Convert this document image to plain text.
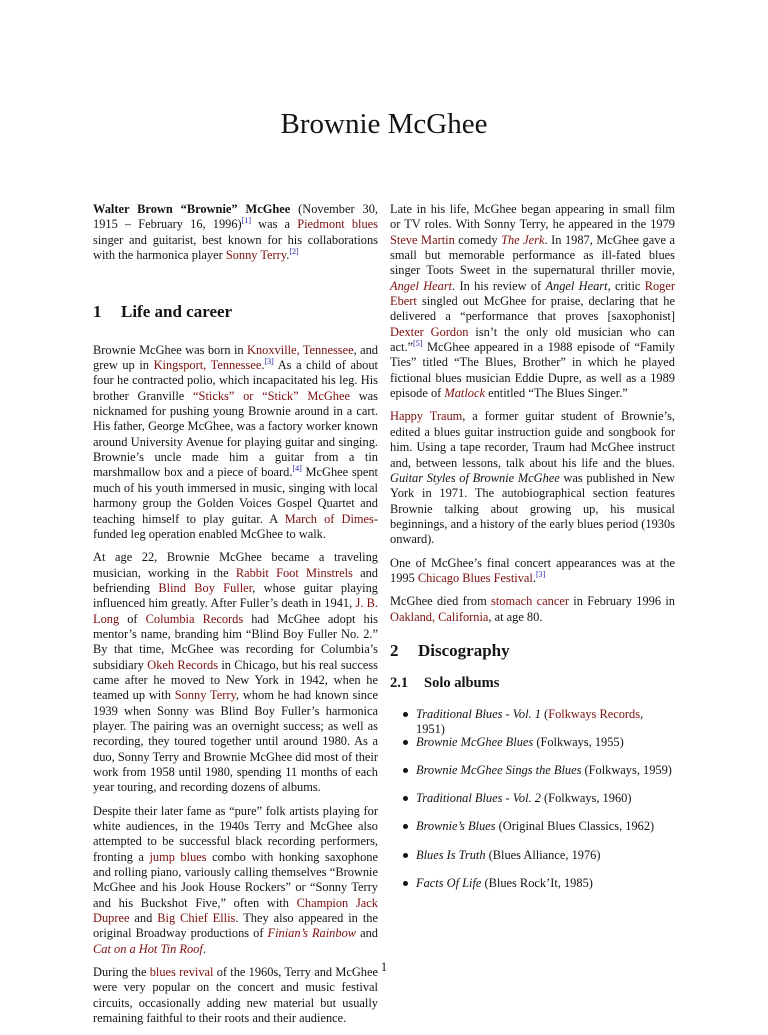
Brownie McGhee

Walter Brown “Brownie” McGhee (November 30, 1915 – February 16, 1996)[1] was a Piedmont blues singer and guitarist, best known for his collaborations with the harmonica player Sonny Terry.[2]

1 Life and career

Brownie McGhee was born in Knoxville, Tennessee, and grew up in Kingsport, Tennessee.[3] As a child of about four he contracted polio, which incapacitated his leg. His brother Granville “Sticks” or “Stick” McGhee was nicknamed for pushing young Brownie around in a cart. His father, George McGhee, was a factory worker known around University Avenue for playing guitar and singing. Brownie’s uncle made him a guitar from a tin marshmallow box and a piece of board.[4] McGhee spent much of his youth immersed in music, singing with local harmony group the Golden Voices Gospel Quartet and teaching himself to play guitar. A March of Dimes-funded leg operation enabled McGhee to walk.

At age 22, Brownie McGhee became a traveling musician, working in the Rabbit Foot Minstrels and befriending Blind Boy Fuller, whose guitar playing influenced him greatly. After Fuller’s death in 1941, J. B. Long of Columbia Records had McGhee adopt his mentor’s name, branding him “Blind Boy Fuller No. 2.” By that time, McGhee was recording for Columbia’s subsidiary Okeh Records in Chicago, but his real success came after he moved to New York in 1942, when he teamed up with Sonny Terry, whom he had known since 1939 when Sonny was Blind Boy Fuller’s harmonica player. The pairing was an overnight success; as well as recording, they toured together until around 1980. As a duo, Sonny Terry and Brownie McGhee did most of their work from 1958 until 1980, spending 11 months of each year touring, and recording dozens of albums.

Despite their later fame as “pure” folk artists playing for white audiences, in the 1940s Terry and McGhee also attempted to be successful black recording performers, fronting a jump blues combo with honking saxophone and rolling piano, variously calling themselves “Brownie McGhee and his Jook House Rockers” or “Sonny Terry and his Buckshot Five,” often with Champion Jack Dupree and Big Chief Ellis. They also appeared in the original Broadway productions of Finian’s Rainbow and Cat on a Hot Tin Roof.

During the blues revival of the 1960s, Terry and McGhee were very popular on the concert and music festival circuits, occasionally adding new material but usually remaining faithful to their roots and their audience.

Late in his life, McGhee began appearing in small film or TV roles. With Sonny Terry, he appeared in the 1979 Steve Martin comedy The Jerk. In 1987, McGhee gave a small but memorable performance as ill-fated blues singer Toots Sweet in the supernatural thriller movie, Angel Heart. In his review of Angel Heart, critic Roger Ebert singled out McGhee for praise, declaring that he delivered a “performance that proves [saxophonist] Dexter Gordon isn’t the only old musician who can act.”[5] McGhee appeared in a 1988 episode of “Family Ties” titled “The Blues, Brother” in which he played fictional blues musician Eddie Dupre, as well as a 1989 episode of Matlock entitled “The Blues Singer.”

Happy Traum, a former guitar student of Brownie’s, edited a blues guitar instruction guide and songbook for him. Using a tape recorder, Traum had McGhee instruct and, between lessons, talk about his life and the blues. Guitar Styles of Brownie McGhee was published in New York in 1971. The autobiographical section features Brownie talking about growing up, his musical beginnings, and a history of the early blues period (1930s onward).

One of McGhee’s final concert appearances was at the 1995 Chicago Blues Festival.[3]

McGhee died from stomach cancer in February 1996 in Oakland, California, at age 80.

2 Discography
2.1 Solo albums
Traditional Blues - Vol. 1 (Folkways Records, 1951)
Brownie McGhee Blues (Folkways, 1955)
Brownie McGhee Sings the Blues (Folkways, 1959)
Traditional Blues - Vol. 2 (Folkways, 1960)
Brownie’s Blues (Original Blues Classics, 1962)
Blues Is Truth (Blues Alliance, 1976)
Facts Of Life (Blues Rock’It, 1985)
1
